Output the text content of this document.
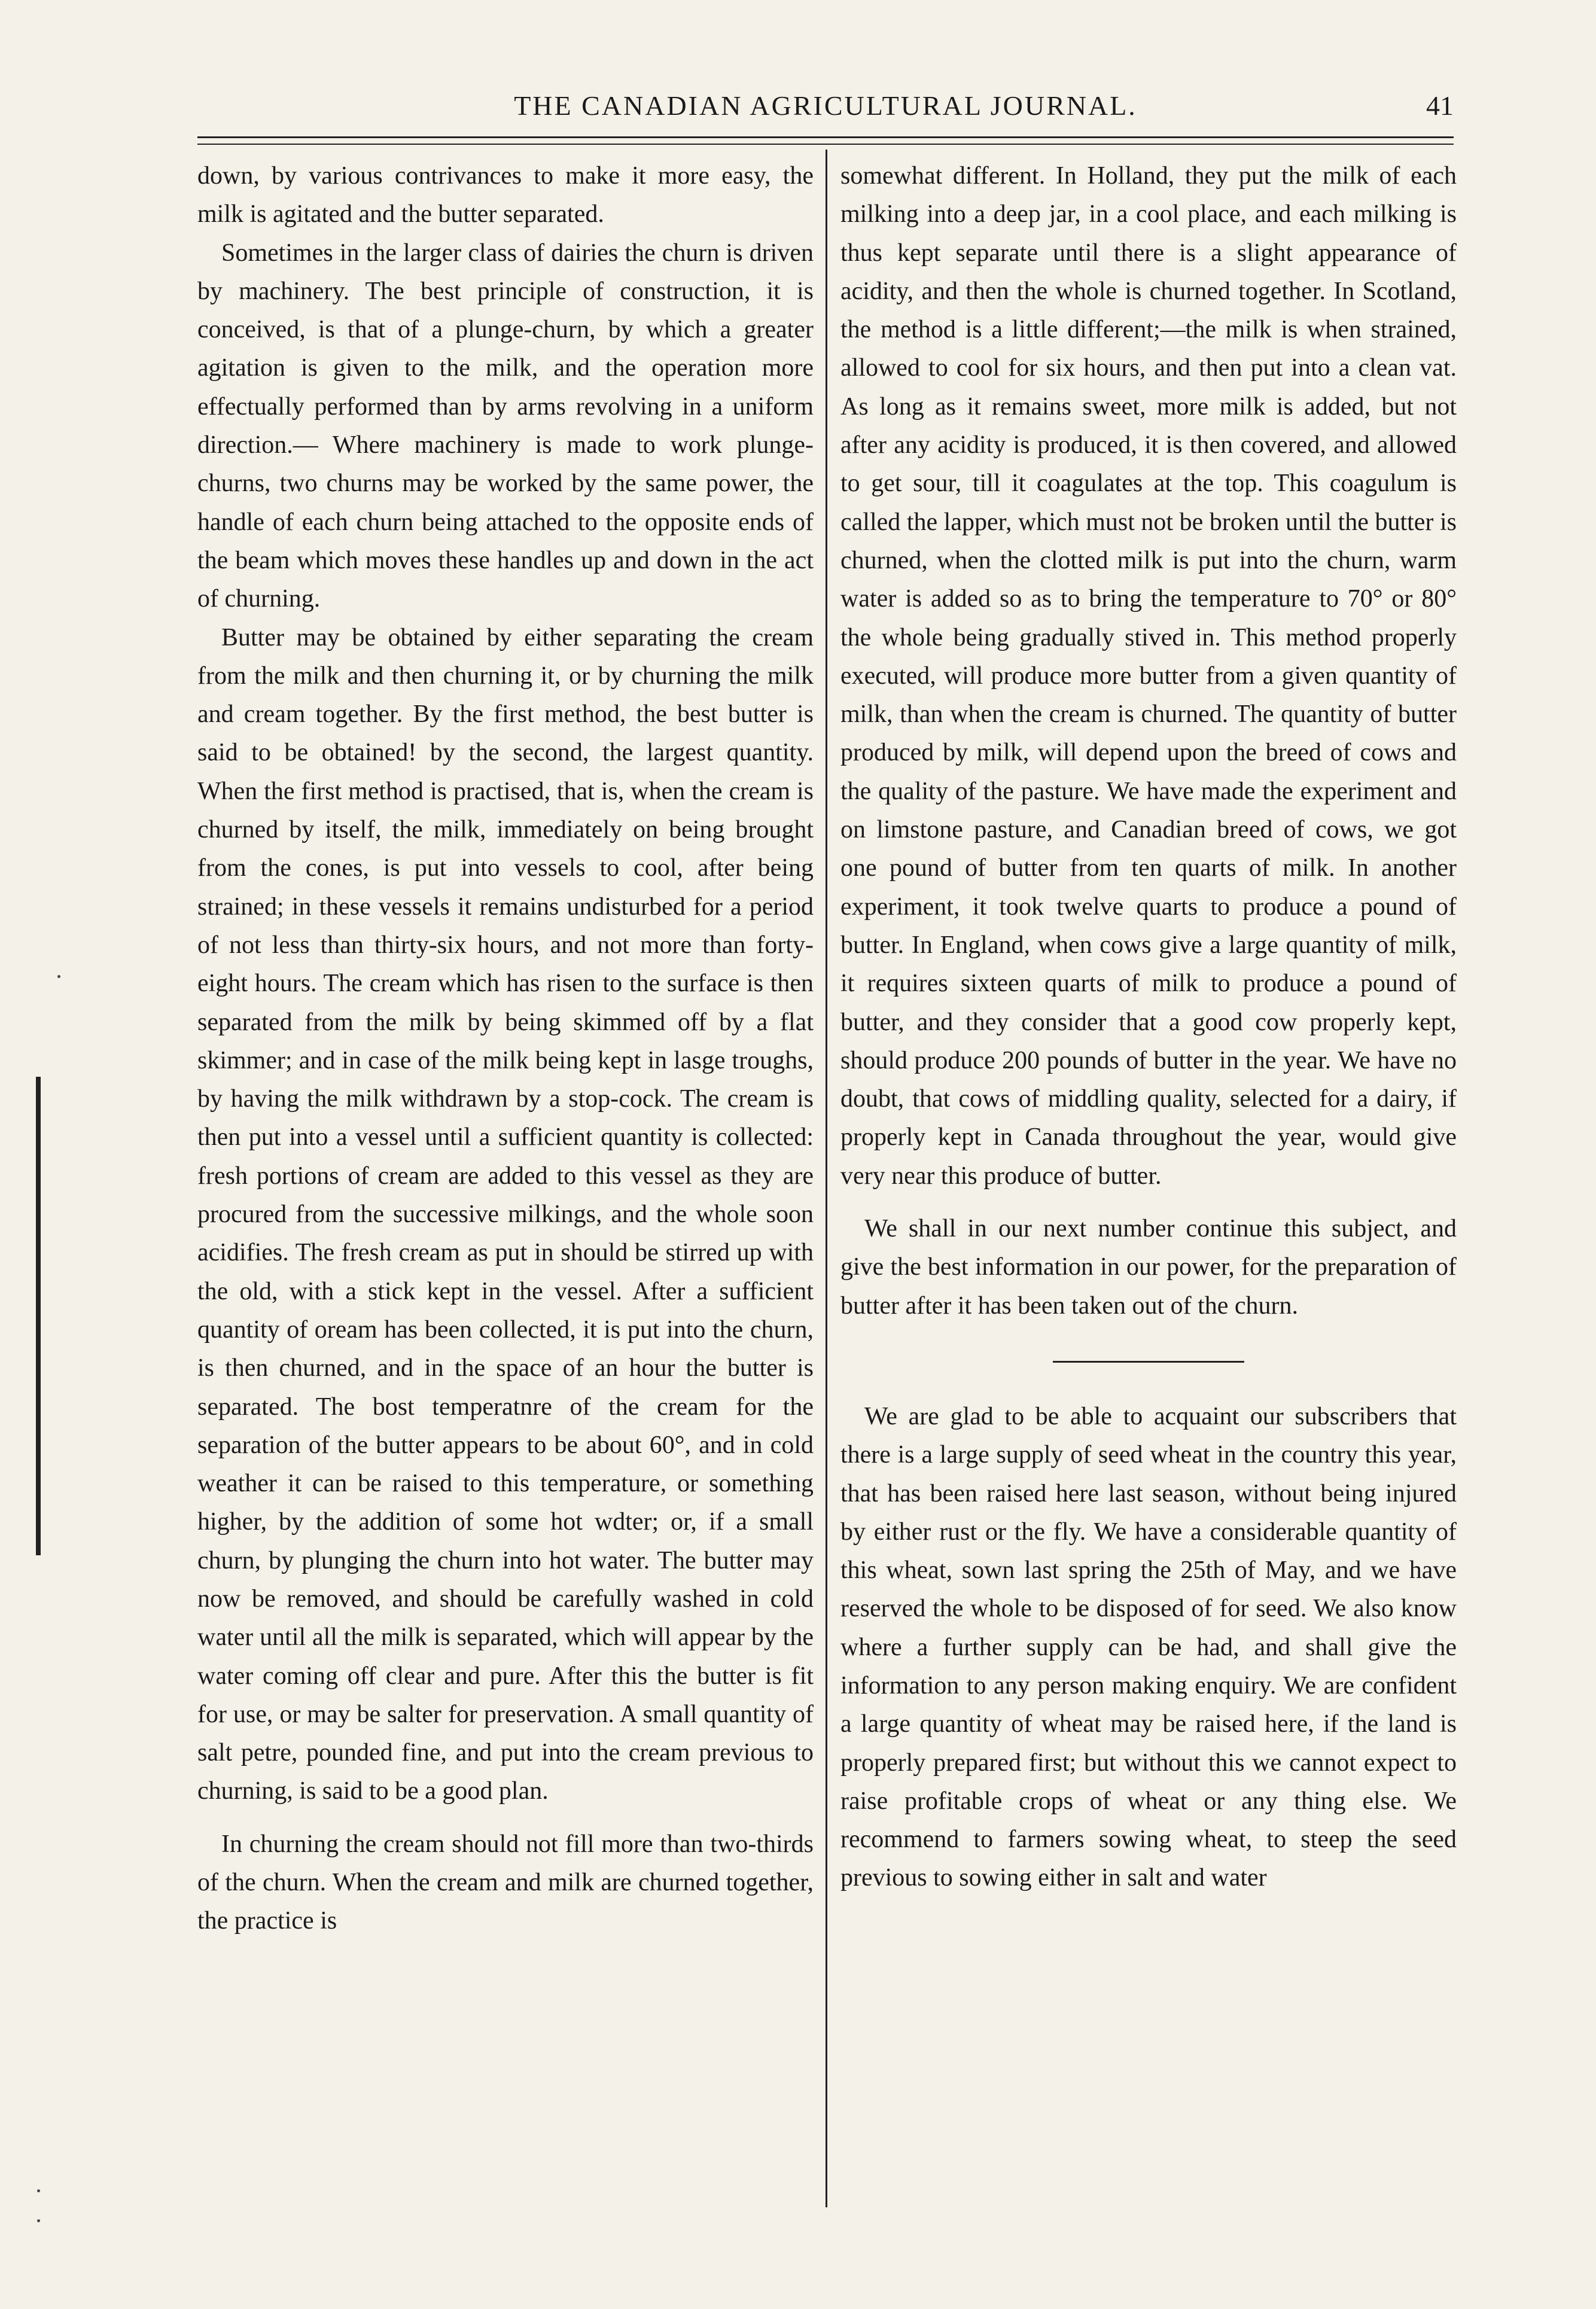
THE CANADIAN AGRICULTURAL JOURNAL.	41

down, by various contrivances to make it more easy, the milk is agitated and the butter separated.

Sometimes in the larger class of dairies the churn is driven by machinery. The best principle of construction, it is conceived, is that of a plunge-churn, by which a greater agitation is given to the milk, and the operation more effectually performed than by arms revolving in a uniform direction.— Where machinery is made to work plunge-churns, two churns may be worked by the same power, the handle of each churn being attached to the opposite ends of the beam which moves these handles up and down in the act of churning.

Butter may be obtained by either separating the cream from the milk and then churning it, or by churning the milk and cream together. By the first method, the best butter is said to be obtained! by the second, the largest quantity. When the first method is practised, that is, when the cream is churned by itself, the milk, immediately on being brought from the cones, is put into vessels to cool, after being strained; in these vessels it remains undisturbed for a period of not less than thirty-six hours, and not more than forty-eight hours. The cream which has risen to the surface is then separated from the milk by being skimmed off by a flat skimmer; and in case of the milk being kept in lasge troughs, by having the milk withdrawn by a stop-cock. The cream is then put into a vessel until a sufficient quantity is collected: fresh portions of cream are added to this vessel as they are procured from the successive milkings, and the whole soon acidifies. The fresh cream as put in should be stirred up with the old, with a stick kept in the vessel. After a sufficient quantity of oream has been collected, it is put into the churn, is then churned, and in the space of an hour the butter is separated. The bost temperatnre of the cream for the separation of the butter appears to be about 60°, and in cold weather it can be raised to this temperature, or something higher, by the addition of some hot wdter; or, if a small churn, by plunging the churn into hot water. The butter may now be removed, and should be carefully washed in cold water until all the milk is separated, which will appear by the water coming off clear and pure. After this the butter is fit for use, or may be salter for preservation. A small quantity of salt petre, pounded fine, and put into the cream previous to churning, is said to be a good plan.

In churning the cream should not fill more than two-thirds of the churn. When the cream and milk are churned together, the practice is

somewhat different. In Holland, they put the milk of each milking into a deep jar, in a cool place, and each milking is thus kept separate until there is a slight appearance of acidity, and then the whole is churned together. In Scotland, the method is a little different;—the milk is when strained, allowed to cool for six hours, and then put into a clean vat. As long as it remains sweet, more milk is added, but not after any acidity is produced, it is then covered, and allowed to get sour, till it coagulates at the top. This coagulum is called the lapper, which must not be broken until the butter is churned, when the clotted milk is put into the churn, warm water is added so as to bring the temperature to 70° or 80° the whole being gradually stived in. This method properly executed, will produce more butter from a given quantity of milk, than when the cream is churned. The quantity of butter produced by milk, will depend upon the breed of cows and the quality of the pasture. We have made the experiment and on limstone pasture, and Canadian breed of cows, we got one pound of butter from ten quarts of milk. In another experiment, it took twelve quarts to produce a pound of butter. In England, when cows give a large quantity of milk, it requires sixteen quarts of milk to produce a pound of butter, and they consider that a good cow properly kept, should produce 200 pounds of butter in the year. We have no doubt, that cows of middling quality, selected for a dairy, if properly kept in Canada throughout the year, would give very near this produce of butter.

We shall in our next number continue this subject, and give the best information in our power, for the preparation of butter after it has been taken out of the churn.

We are glad to be able to acquaint our subscribers that there is a large supply of seed wheat in the country this year, that has been raised here last season, without being injured by either rust or the fly. We have a considerable quantity of this wheat, sown last spring the 25th of May, and we have reserved the whole to be disposed of for seed. We also know where a further supply can be had, and shall give the information to any person making enquiry. We are confident a large quantity of wheat may be raised here, if the land is properly prepared first; but without this we cannot expect to raise profitable crops of wheat or any thing else. We recommend to farmers sowing wheat, to steep the seed previous to sowing either in salt and water
